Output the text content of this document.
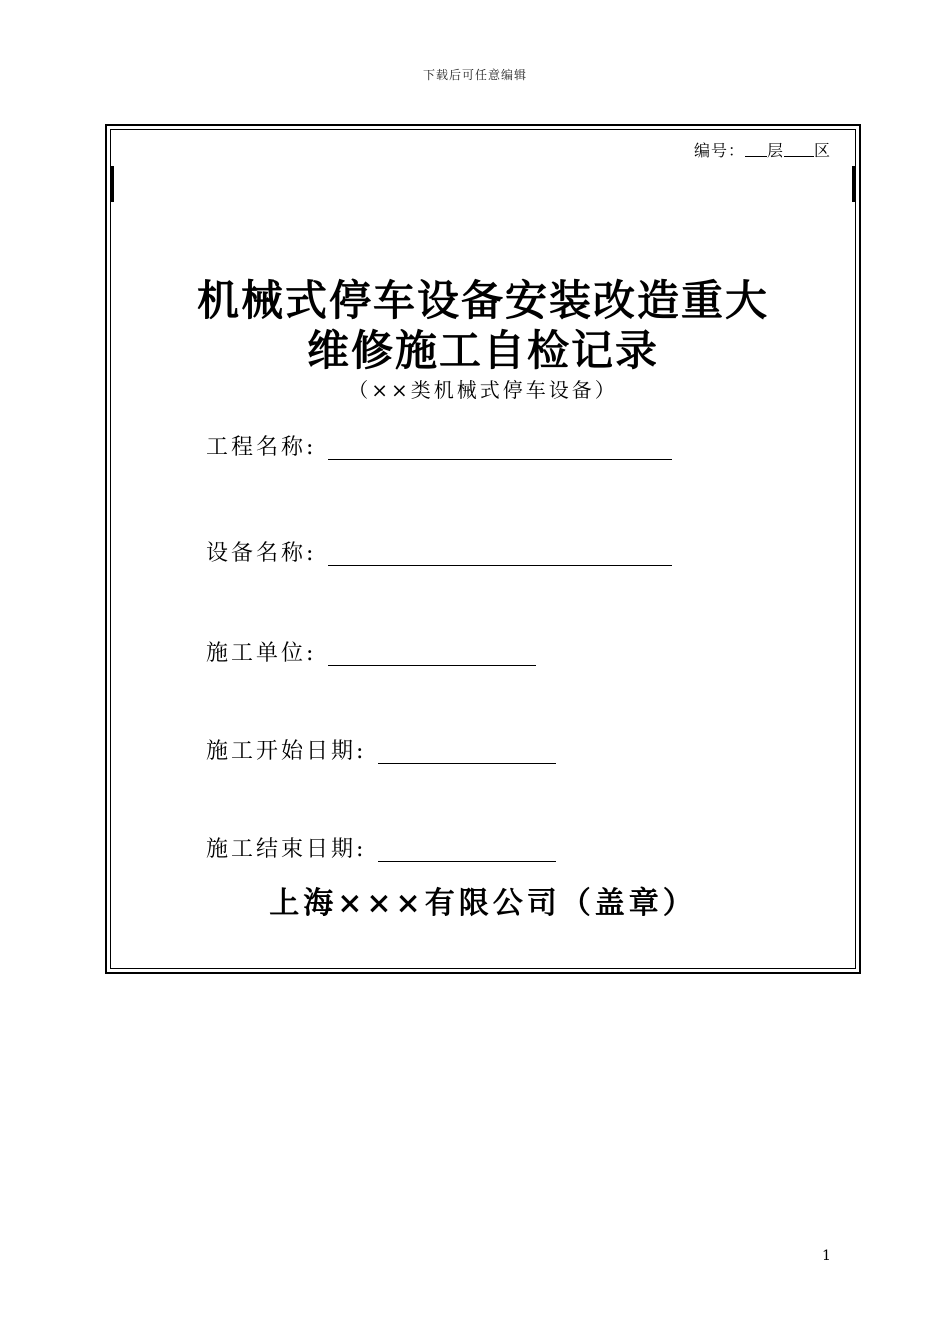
下载后可任意编辑
编号： 层 区
机械式停车设备安装改造重大
维修施工自检记录
（××类机械式停车设备）
工程名称:
设备名称:
施工单位:
施工开始日期:
施工结束日期:
上海×××有限公司（盖章）
1
